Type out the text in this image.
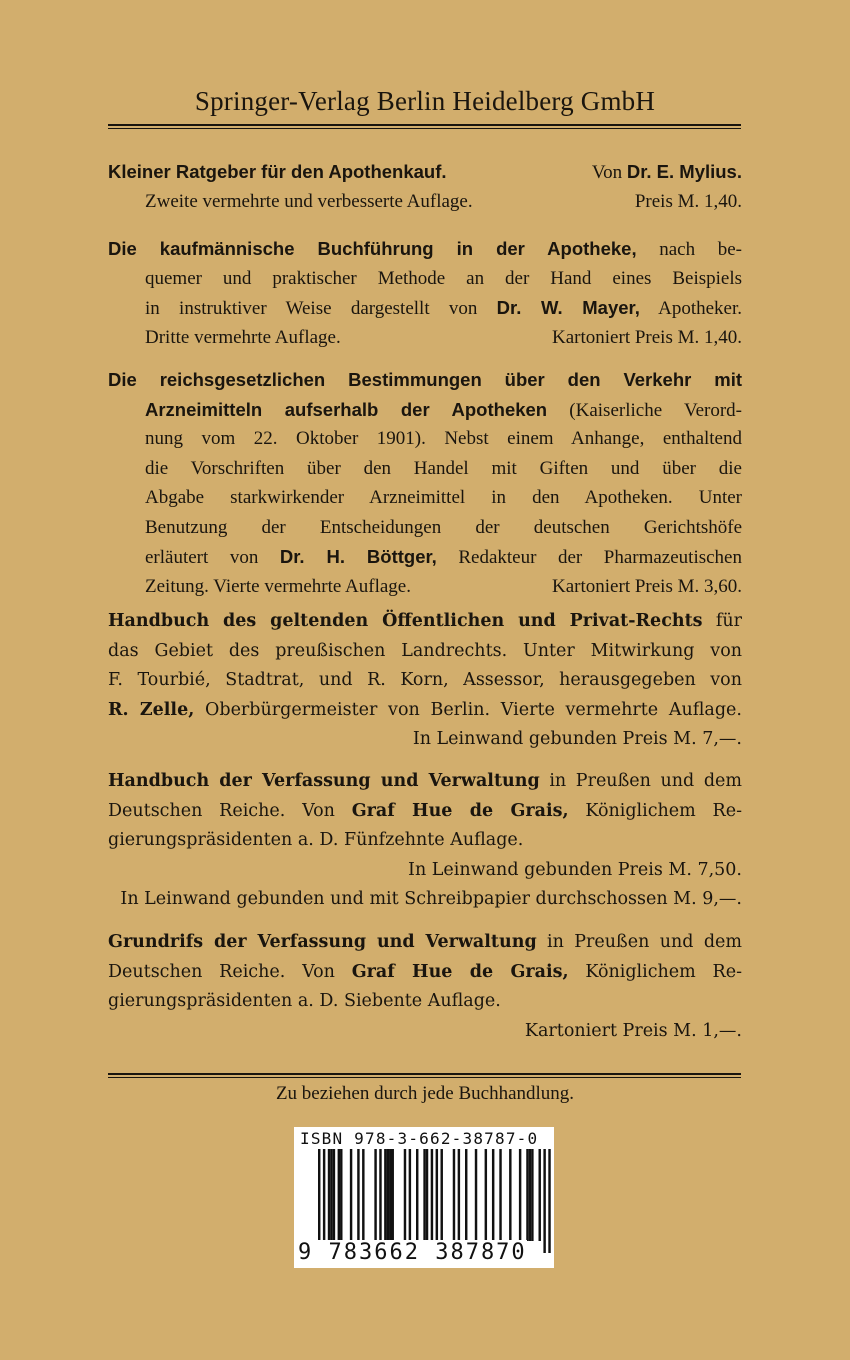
Springer-Verlag Berlin Heidelberg GmbH
Kleiner Ratgeber für den Apothenkauf.	Von Dr. E. Mylius.
Zweite vermehrte und verbesserte Auflage.	Preis M. 1,40.
Die kaufmännische Buchführung in der Apotheke, nach be-
quemer und praktischer Methode an der Hand eines Beispiels
in instruktiver Weise dargestellt von Dr. W. Mayer, Apotheker.
Dritte vermehrte Auflage.	Kartoniert Preis M. 1,40.
Die reichsgesetzlichen Bestimmungen über den Verkehr mit
Arzneimitteln aufserhalb der Apotheken (Kaiserliche Verord-
nung vom 22. Oktober 1901). Nebst einem Anhange, enthaltend
die Vorschriften über den Handel mit Giften und über die
Abgabe starkwirkender Arzneimittel in den Apotheken. Unter
Benutzung der Entscheidungen der deutschen Gerichtshöfe
erläutert von Dr. H. Böttger, Redakteur der Pharmazeutischen
Zeitung. Vierte vermehrte Auflage.	Kartoniert Preis M. 3,60.
Handbuch des geltenden Öffentlichen und Privat-Rechts für
das Gebiet des preußischen Landrechts. Unter Mitwirkung von
F. Tourbié, Stadtrat, und R. Korn, Assessor, herausgegeben von
R. Zelle, Oberbürgermeister von Berlin. Vierte vermehrte Auflage.
In Leinwand gebunden Preis M. 7,—.
Handbuch der Verfassung und Verwaltung in Preußen und dem
Deutschen Reiche. Von Graf Hue de Grais, Königlichem Re-
gierungspräsidenten a. D. Fünfzehnte Auflage.
In Leinwand gebunden Preis M. 7,50.
In Leinwand gebunden und mit Schreibpapier durchschossen M. 9,—.
Grundrifs der Verfassung und Verwaltung in Preußen und dem
Deutschen Reiche. Von Graf Hue de Grais, Königlichem Re-
gierungspräsidenten a. D. Siebente Auflage.
Kartoniert Preis M. 1,—.
Zu beziehen durch jede Buchhandlung.
ISBN 978-3-662-38787-0
9 783662 387870
